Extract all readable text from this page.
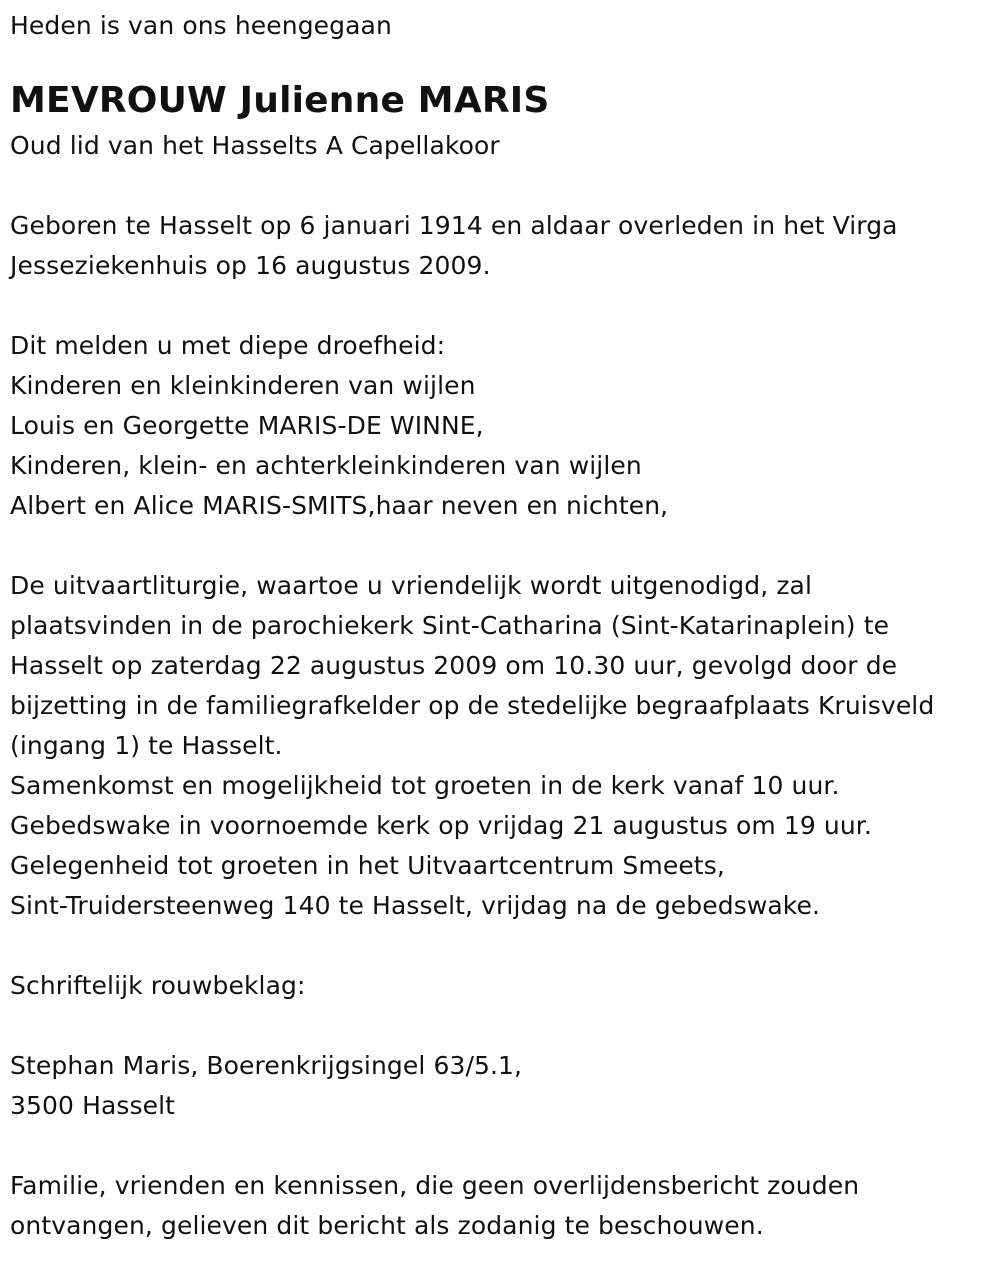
Heden is van ons heengegaan
MEVROUW Julienne MARIS
Oud lid van het Hasselts A Capellakoor
Geboren te Hasselt op 6 januari 1914 en aldaar overleden in het Virga
Jesseziekenhuis op 16 augustus 2009.
Dit melden u met diepe droefheid:
Kinderen en kleinkinderen van wijlen
Louis en Georgette MARIS-DE WINNE,
Kinderen, klein- en achterkleinkinderen van wijlen
Albert en Alice MARIS-SMITS,haar neven en nichten,
De uitvaartliturgie, waartoe u vriendelijk wordt uitgenodigd, zal
plaatsvinden in de parochiekerk Sint-Catharina (Sint-Katarinaplein) te
Hasselt op zaterdag 22 augustus 2009 om 10.30 uur, gevolgd door de
bijzetting in de familiegrafkelder op de stedelijke begraafplaats Kruisveld
(ingang 1) te Hasselt.
Samenkomst en mogelijkheid tot groeten in de kerk vanaf 10 uur.
Gebedswake in voornoemde kerk op vrijdag 21 augustus om 19 uur.
Gelegenheid tot groeten in het Uitvaartcentrum Smeets,
Sint-Truidersteenweg 140 te Hasselt, vrijdag na de gebedswake.
Schriftelijk rouwbeklag:
Stephan Maris, Boerenkrijgsingel 63/5.1,
3500 Hasselt
Familie, vrienden en kennissen, die geen overlijdensbericht zouden
ontvangen, gelieven dit bericht als zodanig te beschouwen.
